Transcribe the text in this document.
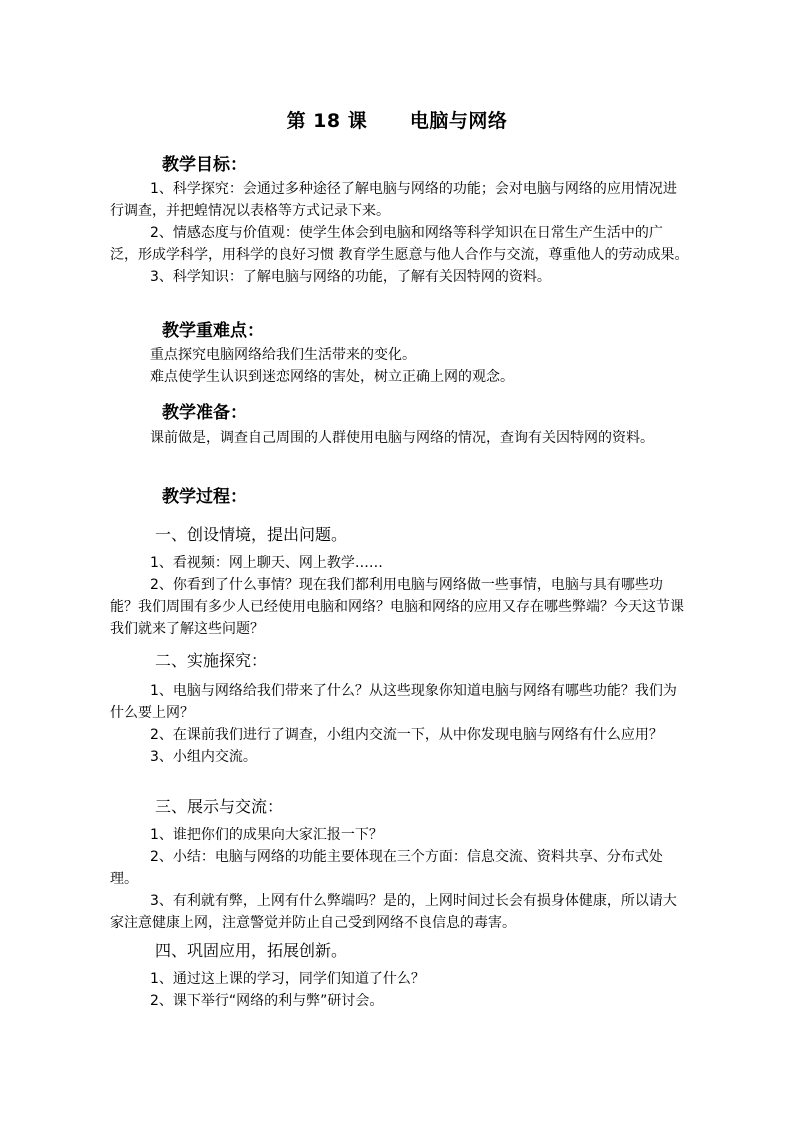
第 18 课      电脑与网络
教学目标：
1、科学探究：会通过多种途径了解电脑与网络的功能；会对电脑与网络的应用情况进行调查，并把蝗情况以表格等方式记录下来。
2、情感态度与价值观：使学生体会到电脑和网络等科学知识在日常生产生活中的广泛，形成学科学，用科学的良好习惯 教育学生愿意与他人合作与交流，尊重他人的劳动成果。
3、科学知识：了解电脑与网络的功能，了解有关因特网的资料。
教学重难点：
重点探究电脑网络给我们生活带来的变化。
难点使学生认识到迷恋网络的害处，树立正确上网的观念。
教学准备：
课前做是，调查自己周围的人群使用电脑与网络的情况，查询有关因特网的资料。
教学过程：
一、创设情境，提出问题。
1、看视频：网上聊天、网上教学……
2、你看到了什么事情？现在我们都利用电脑与网络做一些事情，电脑与具有哪些功能？我们周围有多少人已经使用电脑和网络？电脑和网络的应用又存在哪些弊端？今天这节课我们就来了解这些问题？
二、实施探究：
1、电脑与网络给我们带来了什么？从这些现象你知道电脑与网络有哪些功能？我们为什么要上网？
2、在课前我们进行了调查，小组内交流一下，从中你发现电脑与网络有什么应用？
3、小组内交流。
三、展示与交流：
1、谁把你们的成果向大家汇报一下？
2、小结：电脑与网络的功能主要体现在三个方面：信息交流、资料共享、分布式处理。
3、有利就有弊，上网有什么弊端吗？是的，上网时间过长会有损身体健康，所以请大家注意健康上网，注意警觉并防止自己受到网络不良信息的毒害。
四、巩固应用，拓展创新。
1、通过这上课的学习，同学们知道了什么？
2、课下举行“网络的利与弊”研讨会。
